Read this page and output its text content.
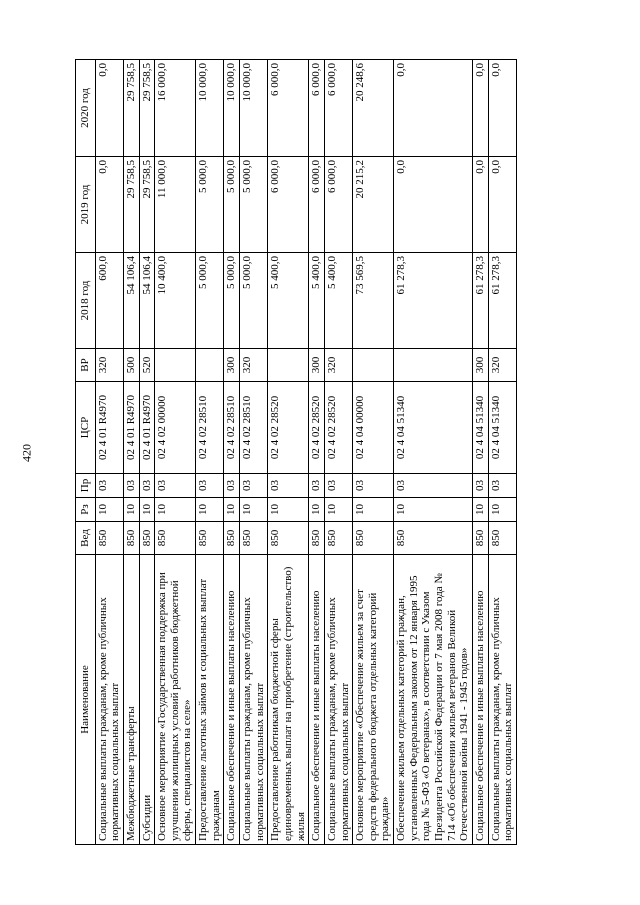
420
Наименование	Вед	Рз	Пр	ЦСР	ВР	2018 год	2019 год	2020 год
Социальные выплаты гражданам, кроме публичных нормативных социальных выплат	850	10	03	02 4 01 R4970	320	600,0	0,0	0,0
Межбюджетные трансферты	850	10	03	02 4 01 R4970	500	54 106,4	29 758,5	29 758,5
Субсидии	850	10	03	02 4 01 R4970	520	54 106,4	29 758,5	29 758,5
Основное мероприятие «Государственная поддержка при улучшении жилищных условий работников бюджетной сферы, специалистов на селе»	850	10	03	02 4 02 00000		10 400,0	11 000,0	16 000,0
Предоставление льготных займов и социальных выплат гражданам	850	10	03	02 4 02 28510		5 000,0	5 000,0	10 000,0
Социальное обеспечение и иные выплаты населению	850	10	03	02 4 02 28510	300	5 000,0	5 000,0	10 000,0
Социальные выплаты гражданам, кроме публичных нормативных социальных выплат	850	10	03	02 4 02 28510	320	5 000,0	5 000,0	10 000,0
Предоставление работникам бюджетной сферы единовременных выплат на приобретение (строительство) жилья	850	10	03	02 4 02 28520		5 400,0	6 000,0	6 000,0
Социальное обеспечение и иные выплаты населению	850	10	03	02 4 02 28520	300	5 400,0	6 000,0	6 000,0
Социальные выплаты гражданам, кроме публичных нормативных социальных выплат	850	10	03	02 4 02 28520	320	5 400,0	6 000,0	6 000,0
Основное мероприятие «Обеспечение жильем за счет средств федерального бюджета отдельных категорий граждан»	850	10	03	02 4 04 00000		73 569,5	20 215,2	20 248,6
Обеспечение жильем отдельных категорий граждан, установленных Федеральным законом от 12 января 1995 года № 5-ФЗ «О ветеранах», в соответствии с Указом Президента Российской Федерации от 7 мая 2008 года № 714 «Об обеспечении жильем ветеранов Великой Отечественной войны 1941 - 1945 годов»	850	10	03	02 4 04 51340		61 278,3	0,0	0,0
Социальное обеспечение и иные выплаты населению	850	10	03	02 4 04 51340	300	61 278,3	0,0	0,0
Социальные выплаты гражданам, кроме публичных нормативных социальных выплат	850	10	03	02 4 04 51340	320	61 278,3	0,0	0,0
